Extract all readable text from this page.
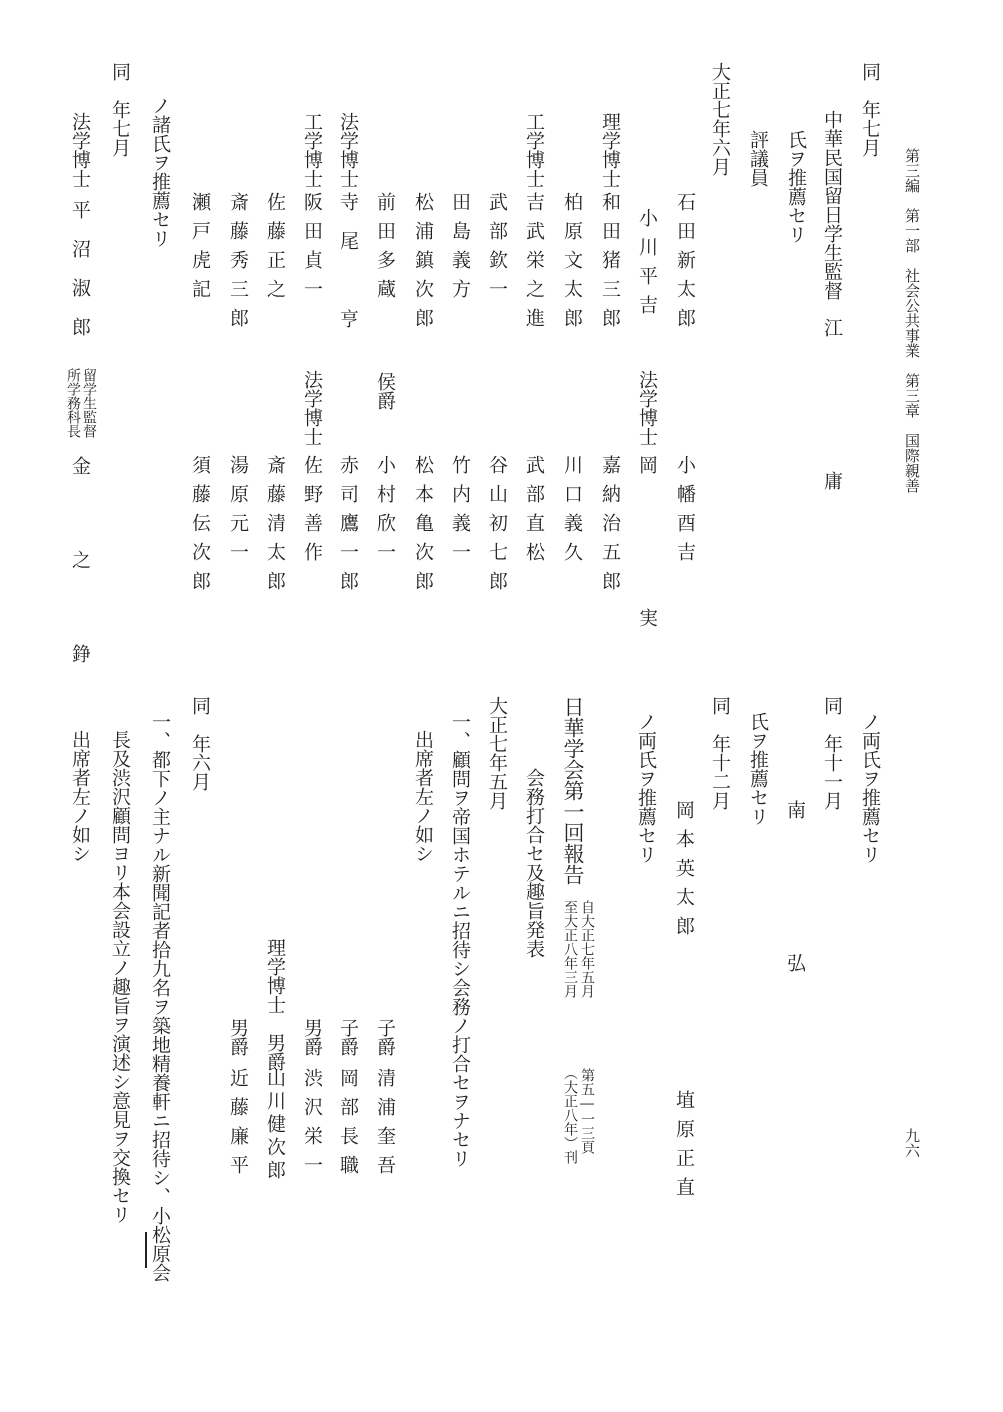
第三編　第一部　社会公共事業　第三章　国際親善
九六
同　年七月
中華民国留日学生監督
江　　庸
氏ヲ推薦セリ
評議員
大正七年六月
石田新太郎
小幡酉吉
小川平吉
法学博士
岡　　実
理学博士
和田猪三郎
嘉納治五郎
柏原文太郎
川口義久
工学博士
吉武栄之進
武部直松
武部欽一
谷山初七郎
田島義方
竹内義一
松浦鎮次郎
松本亀次郎
前田多蔵
侯爵
小村欣一
法学博士
寺尾　亨
赤司鷹一郎
工学博士
阪田貞一
法学博士
佐野善作
佐藤正之
斎藤清太郎
斎藤秀三郎
湯原元一
瀬戸虎記
須藤伝次郎
ノ諸氏ヲ推薦セリ
同　年七月
法学博士
平沼淑郎
留学生監督
所学務科長
金　之　錚
ノ両氏ヲ推薦セリ
同　年十一月
南　　弘
氏ヲ推薦セリ
同　年十二月
岡本英太郎
埴原正直
ノ両氏ヲ推薦セリ
日華学会第一回報告
自大正七年五月
至大正八年三月
第五―一三頁
（大正八年）刊
会務打合セ及趣旨発表
大正七年五月
一、顧問ヲ帝国ホテルニ招待シ会務ノ打合セヲナセリ
出席者左ノ如シ
子爵
清浦奎吾
子爵
岡部長職
男爵
渋沢栄一
理学博士　男爵
山川健次郎
男爵
近藤廉平
同　年六月
一、都下ノ主ナル新聞記者拾九名ヲ築地精養軒ニ招待シ、小松原会
長及渋沢顧問ヨリ本会設立ノ趣旨ヲ演述シ意見ヲ交換セリ
出席者左ノ如シ
